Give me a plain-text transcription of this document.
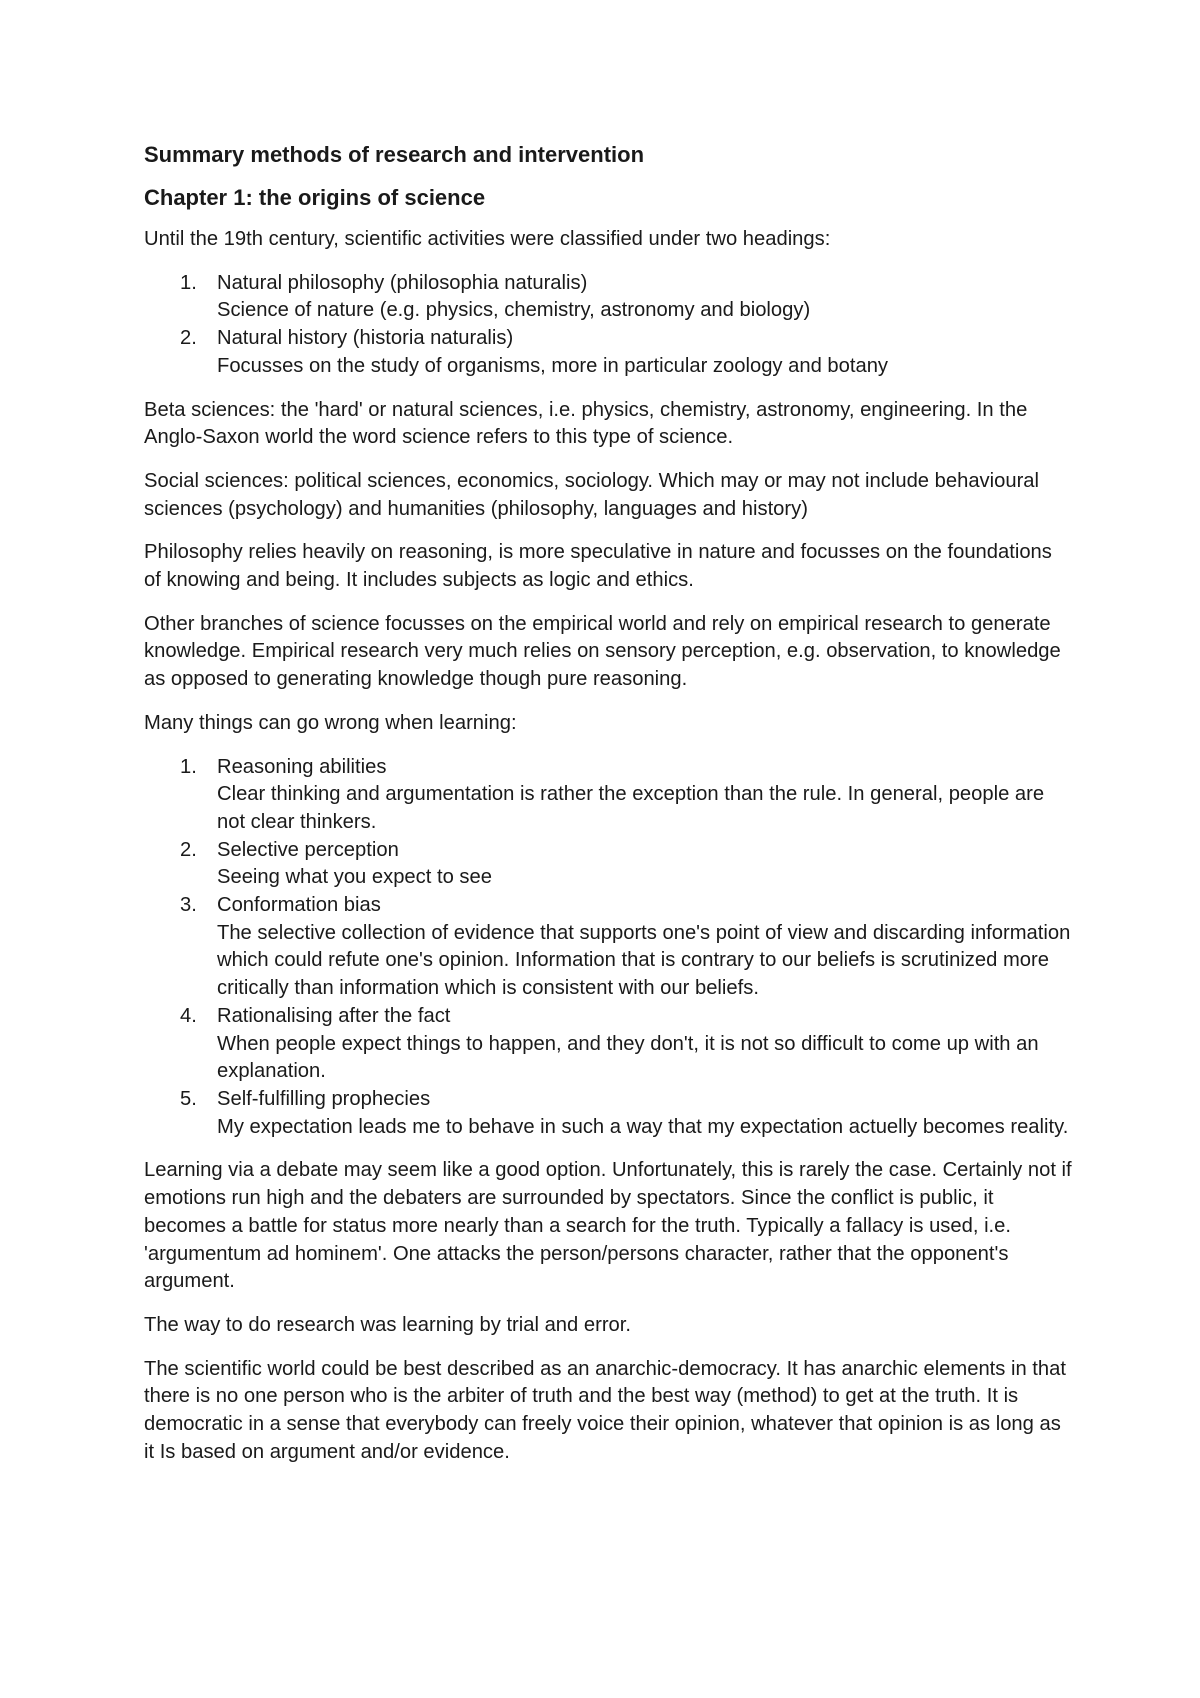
Summary methods of research and intervention
Chapter 1: the origins of science

Until the 19th century, scientific activities were classified under two headings:

1. Natural philosophy (philosophia naturalis)
Science of nature (e.g. physics, chemistry, astronomy and biology)
2. Natural history (historia naturalis)
Focusses on the study of organisms, more in particular zoology and botany

Beta sciences: the 'hard' or natural sciences, i.e. physics, chemistry, astronomy, engineering. In the Anglo-Saxon world the word science refers to this type of science.

Social sciences: political sciences, economics, sociology. Which may or may not include behavioural sciences (psychology) and humanities (philosophy, languages and history)

Philosophy relies heavily on reasoning, is more speculative in nature and focusses on the foundations of knowing and being. It includes subjects as logic and ethics.

Other branches of science focusses on the empirical world and rely on empirical research to generate knowledge. Empirical research very much relies on sensory perception, e.g. observation, to knowledge as opposed to generating knowledge though pure reasoning.

Many things can go wrong when learning:

1. Reasoning abilities
Clear thinking and argumentation is rather the exception than the rule. In general, people are not clear thinkers.
2. Selective perception
Seeing what you expect to see
3. Conformation bias
The selective collection of evidence that supports one's point of view and discarding information which could refute one's opinion. Information that is contrary to our beliefs is scrutinized more critically than information which is consistent with our beliefs.
4. Rationalising after the fact
When people expect things to happen, and they don't, it is not so difficult to come up with an explanation.
5. Self-fulfilling prophecies
My expectation leads me to behave in such a way that my expectation actuelly becomes reality.

Learning via a debate may seem like a good option. Unfortunately, this is rarely the case. Certainly not if emotions run high and the debaters are surrounded by spectators. Since the conflict is public, it becomes a battle for status more nearly than a search for the truth. Typically a fallacy is used, i.e. 'argumentum ad hominem'. One attacks the person/persons character, rather that the opponent's argument.

The way to do research was learning by trial and error.

The scientific world could be best described as an anarchic-democracy. It has anarchic elements in that there is no one person who is the arbiter of truth and the best way (method) to get at the truth. It is democratic in a sense that everybody can freely voice their opinion, whatever that opinion is as long as it Is based on argument and/or evidence.
